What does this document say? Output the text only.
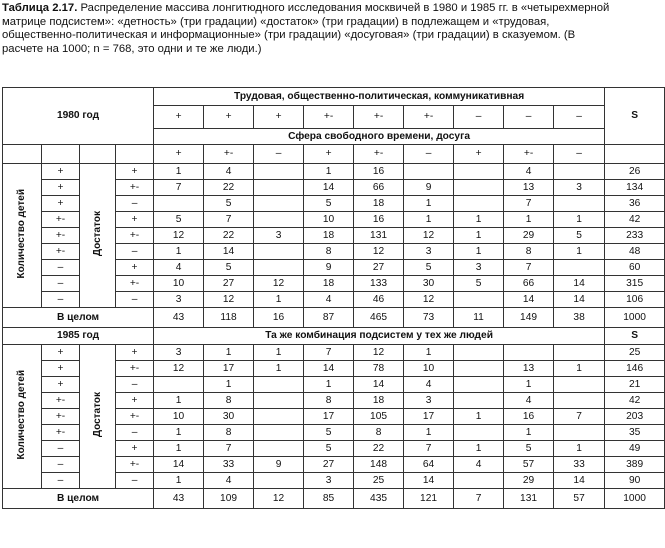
Таблица 2.17. Распределение массива лонгитюдного исследования москвичей в 1980 и 1985 гг. в «четырехмерной матрице подсистем»: «детность» (три градации) «достаток» (три градации) в подлежащем и «трудовая, общественно-политическая и информационные» (три градации) «досуговая» (три градации) в сказуемом. (В расчете на 1000; n = 768, это одни и те же люди.)
1980 год				Трудовая, общественно-политическая, коммуникативная									S
				+	+	+	+-	+-	+-	–	–	–	
				Сфера свободного времени, досуга									
				+	+-	–	+	+-	–	+	+-	–	
Количество детей	+	Достаток	+	1	4		1	16			4		26
	+		+-	7	22		14	66	9		13	3	134
	+		–		5		5	18	1		7		36
	+-		+	5	7		10	16	1	1	1	1	42
	+-		+-	12	22	3	18	131	12	1	29	5	233
	+-		–	1	14		8	12	3	1	8	1	48
	–		+	4	5		9	27	5	3	7		60
	–		+-	10	27	12	18	133	30	5	66	14	315
	–		–	3	12	1	4	46	12		14	14	106
В целом				43	118	16	87	465	73	11	149	38	1000
1985 год				Та же комбинация подсистем у тех же людей									S
Количество детей	+	Достаток	+	3	1	1	7	12	1				25
	+		+-	12	17	1	14	78	10		13	1	146
	+		–		1		1	14	4		1		21
	+-		+	1	8		8	18	3		4		42
	+-		+-	10	30		17	105	17	1	16	7	203
	+-		–	1	8		5	8	1		1		35
	–		+	1	7		5	22	7	1	5	1	49
	–		+-	14	33	9	27	148	64	4	57	33	389
	–		–	1	4		3	25	14		29	14	90
В целом				43	109	12	85	435	121	7	131	57	1000
